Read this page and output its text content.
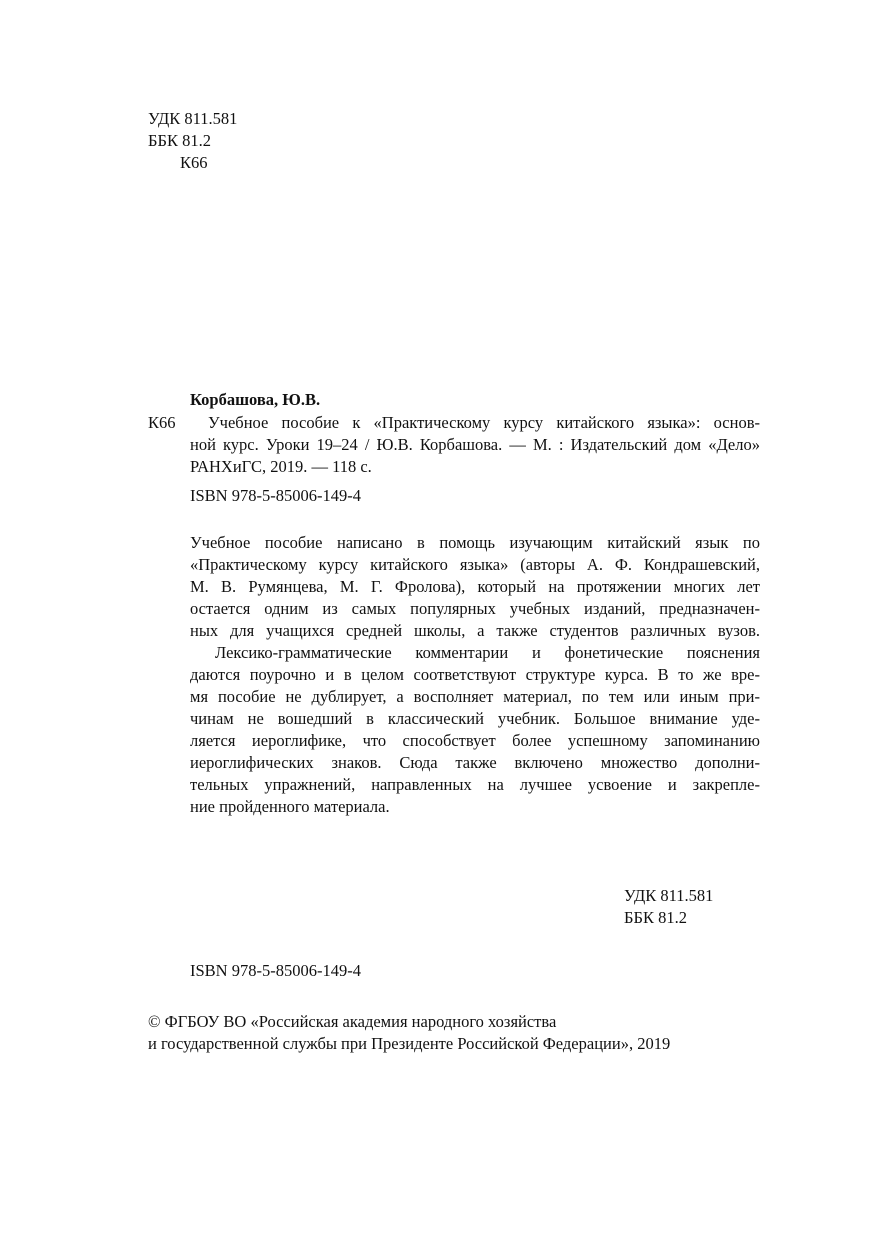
УДК 811.581
ББК 81.2
К66
Корбашова, Ю.В.
К66	Учебное пособие к «Практическому курсу китайского языка»: основ-
ной курс. Уроки 19–24 / Ю.В. Корбашова. — М. : Издательский дом «Дело»
РАНХиГС, 2019. — 118 с.
ISBN 978-5-85006-149-4
Учебное пособие написано в помощь изучающим китайский язык по
«Практическому курсу китайского языка» (авторы А. Ф. Кондрашевский,
М. В. Румянцева, М. Г. Фролова), который на протяжении многих лет
остается одним из самых популярных учебных изданий, предназначен-
ных для учащихся средней школы, а также студентов различных вузов.
Лексико-грамматические комментарии и фонетические пояснения
даются поурочно и в целом соответствуют структуре курса. В то же вре-
мя пособие не дублирует, а восполняет материал, по тем или иным при-
чинам не вошедший в классический учебник. Большое внимание уде-
ляется иероглифике, что способствует более успешному запоминанию
иероглифических знаков. Сюда также включено множество дополни-
тельных упражнений, направленных на лучшее усвоение и закрепле-
ние пройденного материала.
УДК 811.581
ББК 81.2
ISBN 978-5-85006-149-4
© ФГБОУ ВО «Российская академия народного хозяйства
и государственной службы при Президенте Российской Федерации», 2019
